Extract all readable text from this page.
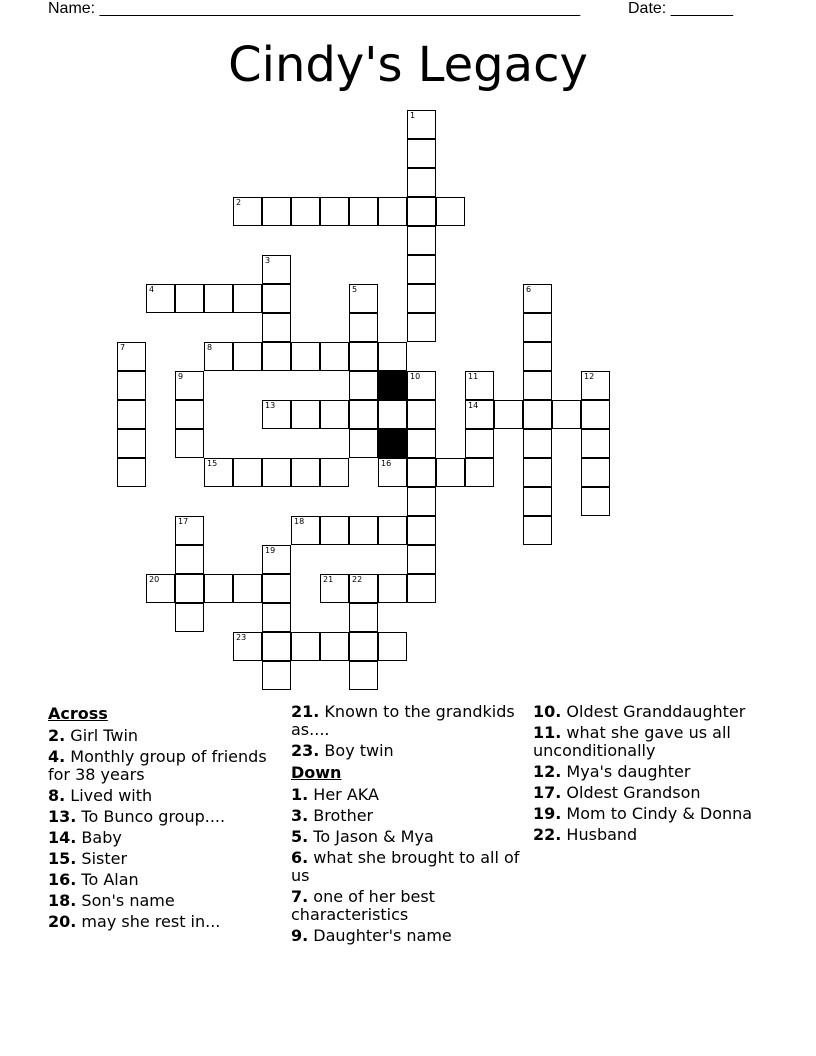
Name: ______________________________________________________	Date: _______
Cindy's Legacy
1
2
3
4	5	6
7	8
9	10	11
14
12
13
15	16
17	18
19
20	21 22
23
Across
2. Girl Twin
4. Monthly group of friends for 38 years
8. Lived with
13. To Bunco group....
14. Baby
15. Sister
16. To Alan
18. Son's name
20. may she rest in...
21. Known to the grandkids as....
23. Boy twin
Down
1. Her AKA
3. Brother
5. To Jason & Mya
6. what she brought to all of us
7. one of her best characteristics
9. Daughter's name
10. Oldest Granddaughter
11. what she gave us all unconditionally
12. Mya's daughter
17. Oldest Grandson
19. Mom to Cindy & Donna
22. Husband
